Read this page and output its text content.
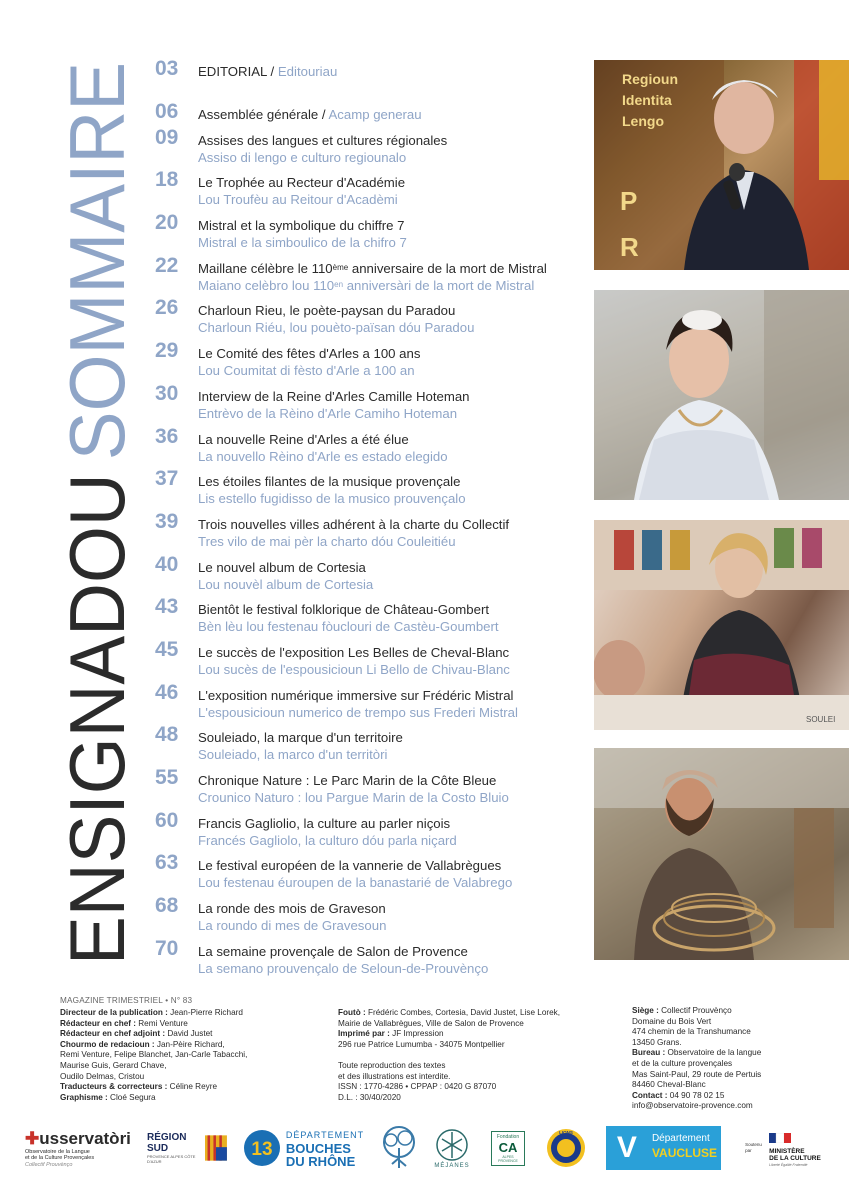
ENSIGNADOUSOMMAIRE 03	EDITORIAL / Editouriau
06	Assemblée générale / Acamp generau
09	Assises des langues et cultures régionales
Assiso di lengo e culturo regiounalo
18	Le Trophée au Recteur d'Académie
Lou Troufèu au Reitour d'Acadèmi
20	Mistral et la symbolique du chiffre 7
Mistral e la simboulico de la chifro 7
22	Maillane célèbre le 110ème anniversaire de la mort de Mistral
Maiano celèbro lou $110^{en}$ anniversàri de la mort de Mistral
26	Charloun Rieu, le poète-paysan du Paradou
Charloun Riéu, lou pouèto-païsan dóu Paradou
29	Le Comité des fêtes d'Arles a 100 ans
Lou Coumitat di fèsto d'Arle a 100 an
30	Interview de la Reine d'Arles Camille Hoteman
Entrèvo de la Rèino d'Arle Camiho Hoteman
36	La nouvelle Reine d'Arles a été élue
La nouvello Rèino d'Arle es estado elegido
37	Les étoiles filantes de la musique provençale
Lis estello fugidisso de la musico prouvençalo
39	Trois nouvelles villes adhérent à la charte du Collectif
Tres vilo de mai pèr la charto dóu Couleitiéu
40	Le nouvel album de Cortesia
Lou nouvèl album de Cortesia
43	Bientôt le festival folklorique de Château-Gombert
Bèn lèu lou festenau fòuclouri de Castèu-Goumbert
45	Le succès de l'exposition Les Belles de Cheval-Blanc
Lou sucès de l'espousicioun Li Bello de Chivau-Blanc
46	L'exposition numérique immersive sur Frédéric Mistral
L'espousicioun numerico de trempo sus Frederi Mistral
48	Souleiado, la marque d'un territoire
Souleiado, la marco d'un territòri
55	Chronique Nature : Le Parc Marin de la Côte Bleue
Crounico Naturo : lou Pargue Marin de la Costo Bluio
60	Francis Gagliolio, la culture au parler niçois
Francés Gagliolo, la culturo dóu parla niçard
63	Le festival européen de la vannerie de Vallabrègues
Lou festenau éuroupen de la banastarié de Valabrego
68	La ronde des mois de Graveson
La roundo di mes de Gravesoun
70	La semaine provençale de Salon de Provence
La semano prouvençalo de Seloun-de-Prouvènço
Regioun
Identita
Lengo
P
R
SOULEI
MAGAZINE TRIMESTRIEL • N° 83
Directeur de la publication : Jean-Pierre Richard
Rédacteur en chef : Remi Venture
Rédacteur en chef adjoint : David Justet
Chourmo de redacioun : Jan-Pèire Richard,
Remi Venture, Felipe Blanchet, Jan-Carle Tabacchi,
Maurise Guis, Gerard Chave,
Oudilo Delmas, Cristou
Traducteurs & correcteurs : Céline Reyre
Graphisme : Cloé Segura
Foutò : Frédéric Combes, Cortesia, David Justet, Lise Lorek,
Mairie de Vallabrègues, Ville de Salon de Provence
Imprimé par : JF Impression
296 rue Patrice Lumumba - 34075 Montpellier
Toute reproduction des textes
et des illustrations est interdite.
ISSN : 1770-4286 • CPPAP : 0420 G 87070
D.L. : 30/40/2020
Siège : Collectif Prouvènço
Domaine du Bois Vert
474 chemin de la Transhumance
13450 Grans.
Bureau : Observatoire de la langue
et de la culture provençales
Mas Saint-Paul, 29 route de Pertuis
84460 Cheval-Blanc
Contact : 04 90 78 02 15
info@observatoire-provence.com
✚usservatòri
Observatoire de la Langue
et de la Culture Provençales
Collectif Prouvènço
RÉGION
SUD
PROVENCE ALPES CÔTE D'AZUR
13
DÉPARTEMENT
BOUCHES
DU RHÔNE	MÉJANES
Fondation
CA
ALPES PROVENCE
LIONS	V	Département
VAUCLUSE
Soutenu par	MINISTÈRE
DE LA CULTURE
Liberté Égalité Fraternité
